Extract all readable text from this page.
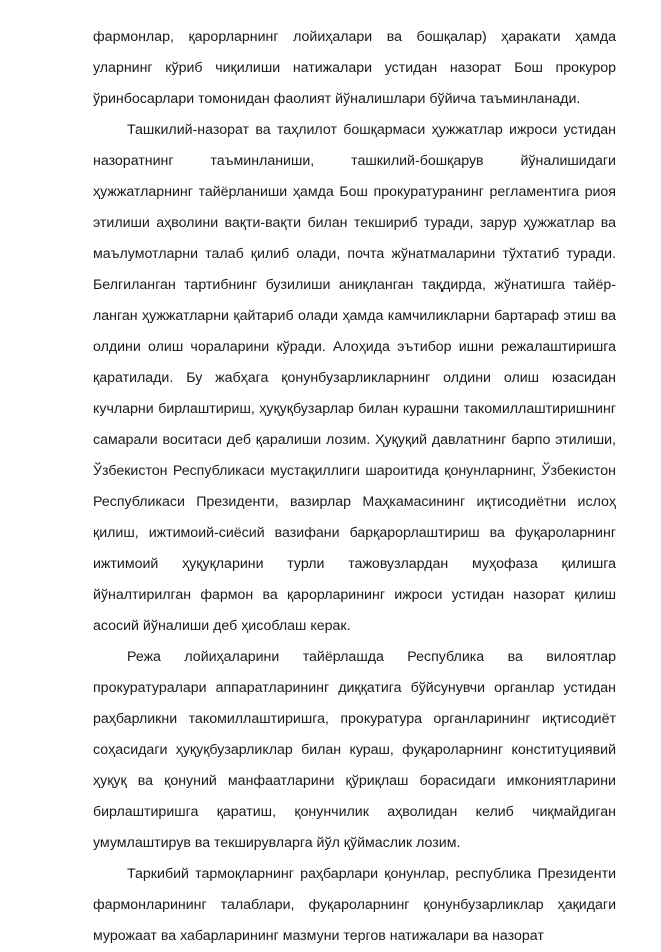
фармонлар, қарорларнинг лойиҳалари ва бошқалар) ҳаракати ҳамда уларнинг кўриб чиқилиши натижалари устидан назорат Бош прокурор ўринбосарлари томонидан фаолият йўналишлари бўйича таъминланади.

Ташкилий-назорат ва таҳлилот бошқармаси ҳужжатлар ижроси устидан назоратнинг таъминланиши, ташкилий-бошқарув йўналишидаги ҳужжатларнинг тайёрланиши ҳамда Бош прокуратуранинг регламентига риоя этилиши аҳволини вақти-вақти билан текшириб туради, зарур ҳужжатлар ва маълумотларни талаб қилиб олади, почта жўнатмаларини тўхтатиб туради. Белгиланган тартибнинг бузилиши аниқланган тақдирда, жўнатишга тайёр-ланган ҳужжатларни қайтариб олади ҳамда камчиликларни бартараф этиш ва олдини олиш чораларини кўради. Алоҳида эътибор ишни режалаштиришга қаратилади. Бу жабҳага қонунбузарликларнинг олдини олиш юзасидан кучларни бирлаштириш, ҳуқуқбузарлар билан курашни такомиллаштиришнинг самарали воситаси деб қаралиши лозим. Ҳуқуқий давлатнинг барпо этилиши, Ўзбекистон Республикаси мустақиллиги шароитида қонунларнинг, Ўзбекистон Республикаси Президенти, вазирлар Маҳкамасининг иқтисодиётни ислоҳ қилиш, ижтимоий-сиёсий вазифани барқарорлаштириш ва фуқароларнинг ижтимоий ҳуқуқларини турли тажовузлардан муҳофаза қилишга йўналтирилган фармон ва қарорларининг ижроси устидан назорат қилиш асосий йўналиши деб ҳисоблаш керак.

Режа лойиҳаларини тайёрлашда Республика ва вилоятлар прокуратуралари аппаратларининг диққатига бўйсунувчи органлар устидан раҳбарликни такомиллаштиришга, прокуратура органларининг иқтисодиёт соҳасидаги ҳуқуқбузарликлар билан кураш, фуқароларнинг конституциявий ҳуқуқ ва қонуний манфаатларини қўриқлаш борасидаги имкониятларини бирлаштиришга қаратиш, қонунчилик аҳволидан келиб чиқмайдиган умумлаштирув ва текширувларга йўл қўймаслик лозим.

Таркибий тармоқларнинг раҳбарлари қонунлар, республика Президенти фармонларининг талаблари, фуқароларнинг қонунбузарликлар ҳақидаги мурожаат ва хабарларининг мазмуни тергов натижалари ва назорат
